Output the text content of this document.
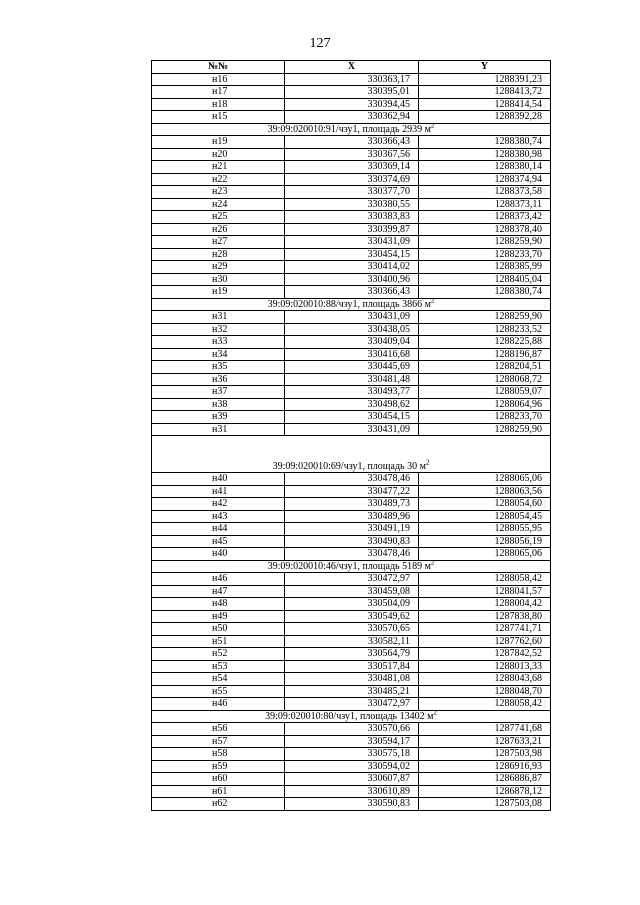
127
№№	X	Y
н16	330363,17	1288391,23
н17	330395,01	1288413,72
н18	330394,45	1288414,54
н15	330362,94	1288392,28
39:09:020010:91/чзу1, площадь 2939 $м^2$
н19	330366,43	1288380,74
н20	330367,56	1288380,98
н21	330369,14	1288380,14
н22	330374,69	1288374,94
н23	330377,70	1288373,58
н24	330380,55	1288373,11
н25	330383,83	1288373,42
н26	330399,87	1288378,40
н27	330431,09	1288259,90
н28	330454,15	1288233,70
н29	330414,02	1288385,99
н30	330400,96	1288405,04
н19	330366,43	1288380,74
39:09:020010:88/чзу1, площадь 3866 $м^2$
н31	330431,09	1288259,90
н32	330438,05	1288233,52
н33	330409,04	1288225,88
н34	330416,68	1288196,87
н35	330445,69	1288204,51
н36	330481,48	1288068,72
н37	330493,77	1288059,07
н38	330498,62	1288064,96
н39	330454,15	1288233,70
н31	330431,09	1288259,90
39:09:020010:69/чзу1, площадь 30 $м^2$
н40	330478,46	1288065,06
н41	330477,22	1288063,56
н42	330489,73	1288054,60
н43	330489,96	1288054,45
н44	330491,19	1288055,95
н45	330490,83	1288056,19
н40	330478,46	1288065,06
39:09:020010:46/чзу1, площадь 5189 $м^2$
н46	330472,97	1288058,42
н47	330459,08	1288041,57
н48	330504,09	1288004,42
н49	330549,62	1287838,80
н50	330570,65	1287741,71
н51	330582,11	1287762,60
н52	330564,79	1287842,52
н53	330517,84	1288013,33
н54	330481,08	1288043,68
н55	330485,21	1288048,70
н46	330472,97	1288058,42
39:09:020010:80/чзу1, площадь 13402 $м^2$
н56	330570,66	1287741,68
н57	330594,17	1287633,21
н58	330575,18	1287503,98
н59	330594,02	1286916,93
н60	330607,87	1286886,87
н61	330610,89	1286878,12
н62	330590,83	1287503,08
